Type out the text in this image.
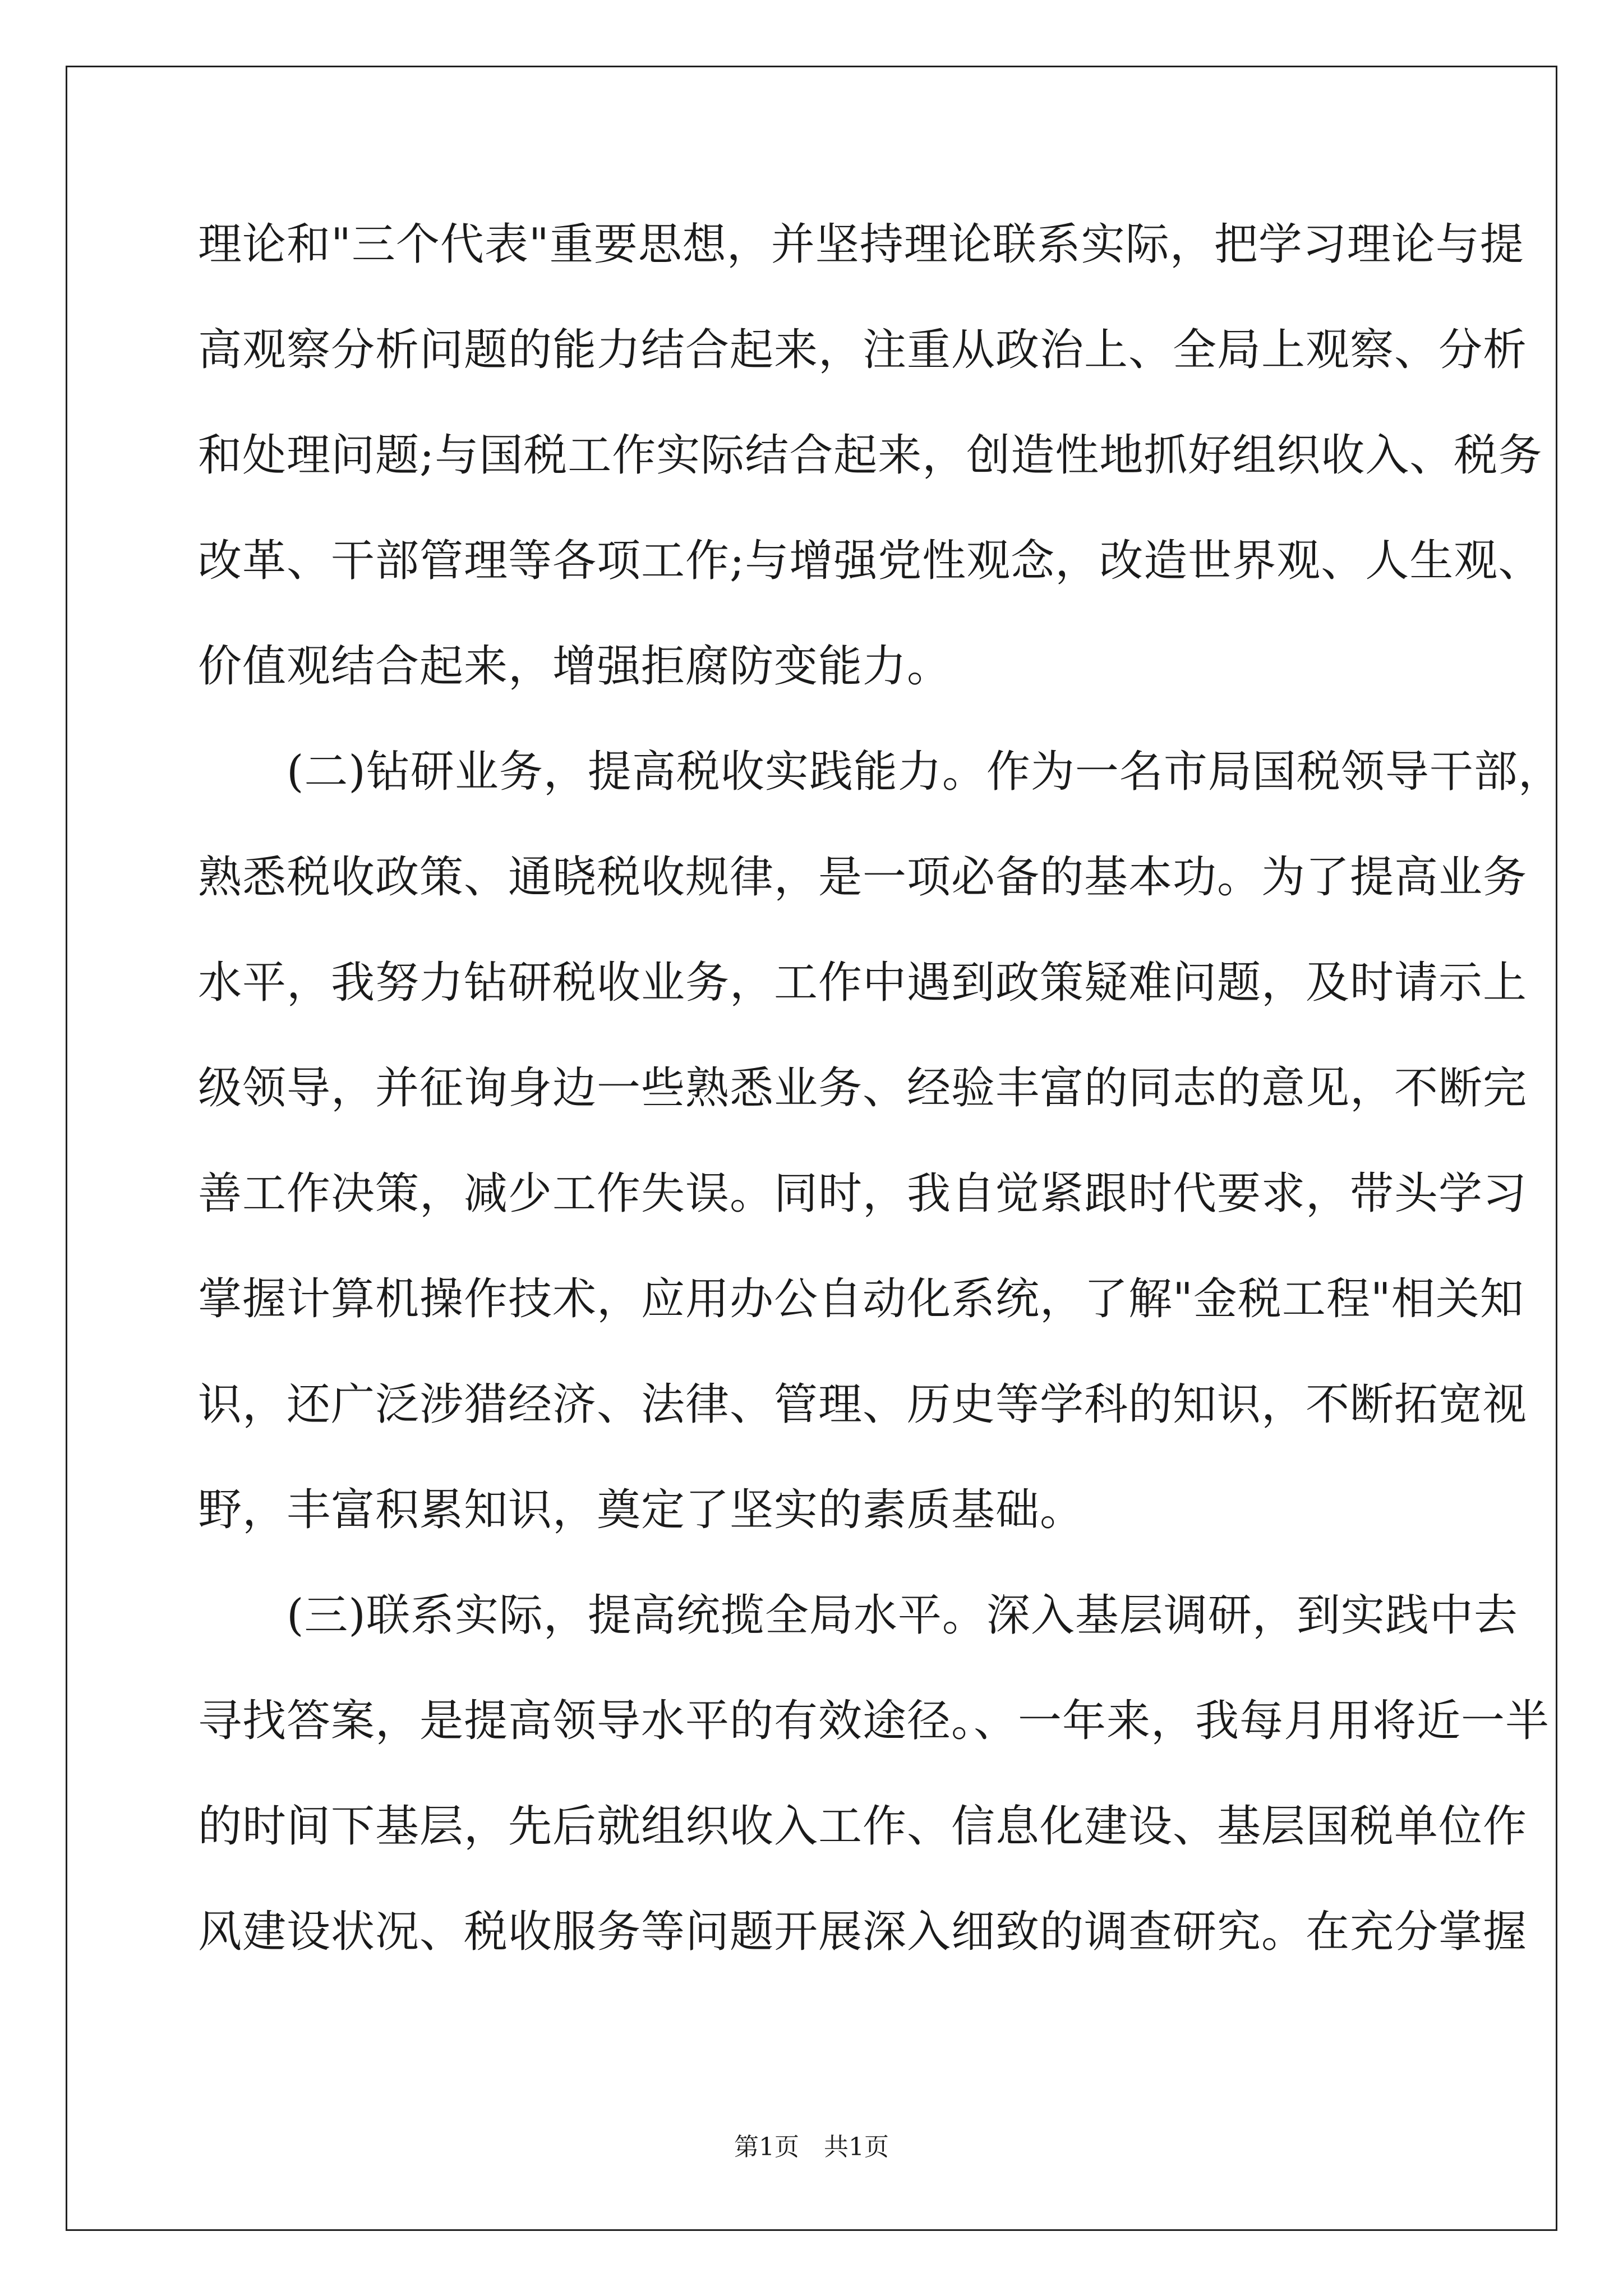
理论和"三个代表"重要思想，并坚持理论联系实际，把学习理论与提
高观察分析问题的能力结合起来，注重从政治上、全局上观察、分析
和处理问题;与国税工作实际结合起来，创造性地抓好组织收入、税务
改革、干部管理等各项工作;与增强党性观念，改造世界观、人生观、
价值观结合起来，增强拒腐防变能力。
　　(二)钻研业务，提高税收实践能力。作为一名市局国税领导干部，
熟悉税收政策、通晓税收规律，是一项必备的基本功。为了提高业务
水平，我努力钻研税收业务，工作中遇到政策疑难问题，及时请示上
级领导，并征询身边一些熟悉业务、经验丰富的同志的意见，不断完
善工作决策，减少工作失误。同时，我自觉紧跟时代要求，带头学习
掌握计算机操作技术，应用办公自动化系统，了解"金税工程"相关知
识，还广泛涉猎经济、法律、管理、历史等学科的知识，不断拓宽视
野，丰富积累知识，奠定了坚实的素质基础。
　　(三)联系实际，提高统揽全局水平。深入基层调研，到实践中去
寻找答案，是提高领导水平的有效途径。、一年来，我每月用将近一半
的时间下基层，先后就组织收入工作、信息化建设、基层国税单位作
风建设状况、税收服务等问题开展深入细致的调查研究。在充分掌握
第1页　共1页
